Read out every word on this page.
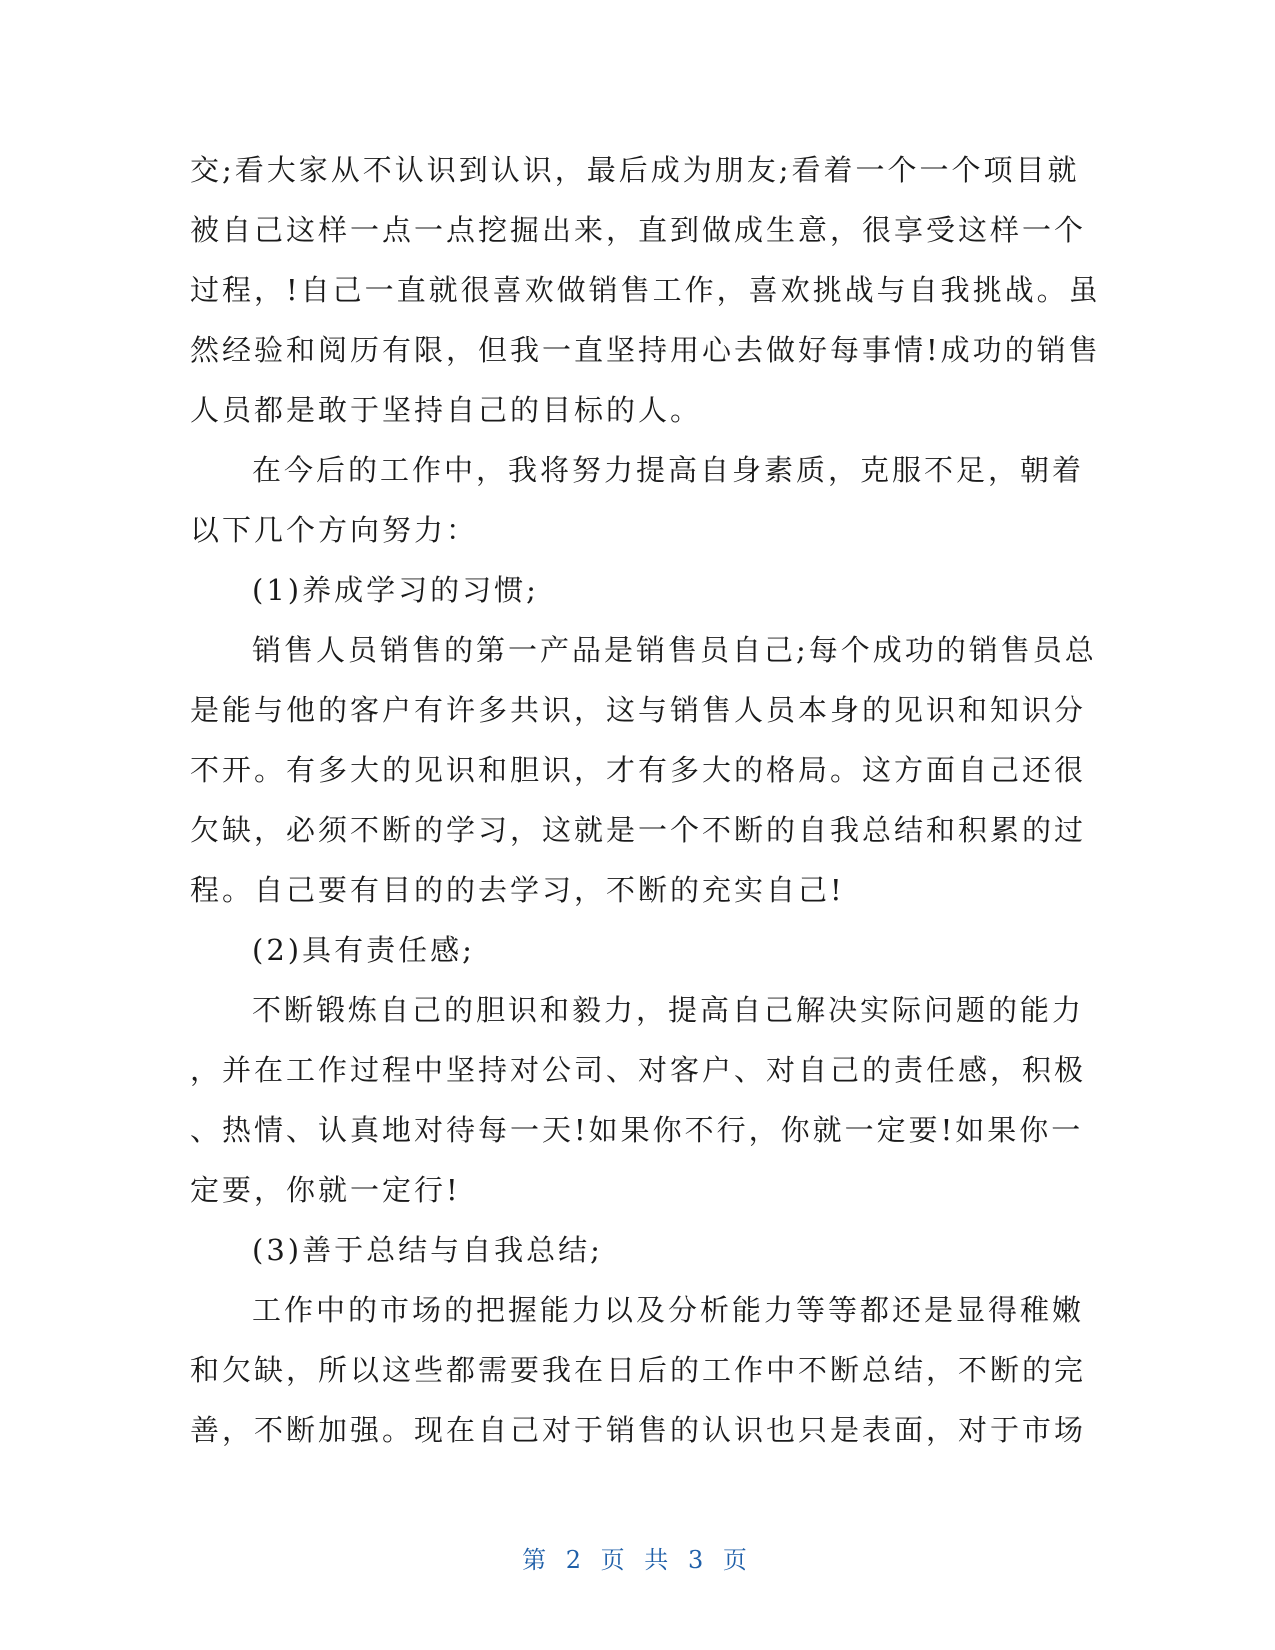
交;看大家从不认识到认识，最后成为朋友;看着一个一个项目就
被自己这样一点一点挖掘出来，直到做成生意，很享受这样一个
过程，!自己一直就很喜欢做销售工作，喜欢挑战与自我挑战。虽
然经验和阅历有限，但我一直坚持用心去做好每事情!成功的销售
人员都是敢于坚持自己的目标的人。
在今后的工作中，我将努力提高自身素质，克服不足，朝着
以下几个方向努力：
(1)养成学习的习惯;
销售人员销售的第一产品是销售员自己;每个成功的销售员总
是能与他的客户有许多共识，这与销售人员本身的见识和知识分
不开。有多大的见识和胆识，才有多大的格局。这方面自己还很
欠缺，必须不断的学习，这就是一个不断的自我总结和积累的过
程。自己要有目的的去学习，不断的充实自己!
(2)具有责任感;
不断锻炼自己的胆识和毅力，提高自己解决实际问题的能力
，并在工作过程中坚持对公司、对客户、对自己的责任感，积极
、热情、认真地对待每一天!如果你不行，你就一定要!如果你一
定要，你就一定行!
(3)善于总结与自我总结;
工作中的市场的把握能力以及分析能力等等都还是显得稚嫩
和欠缺，所以这些都需要我在日后的工作中不断总结，不断的完
善，不断加强。现在自己对于销售的认识也只是表面，对于市场
第 2 页 共 3 页
